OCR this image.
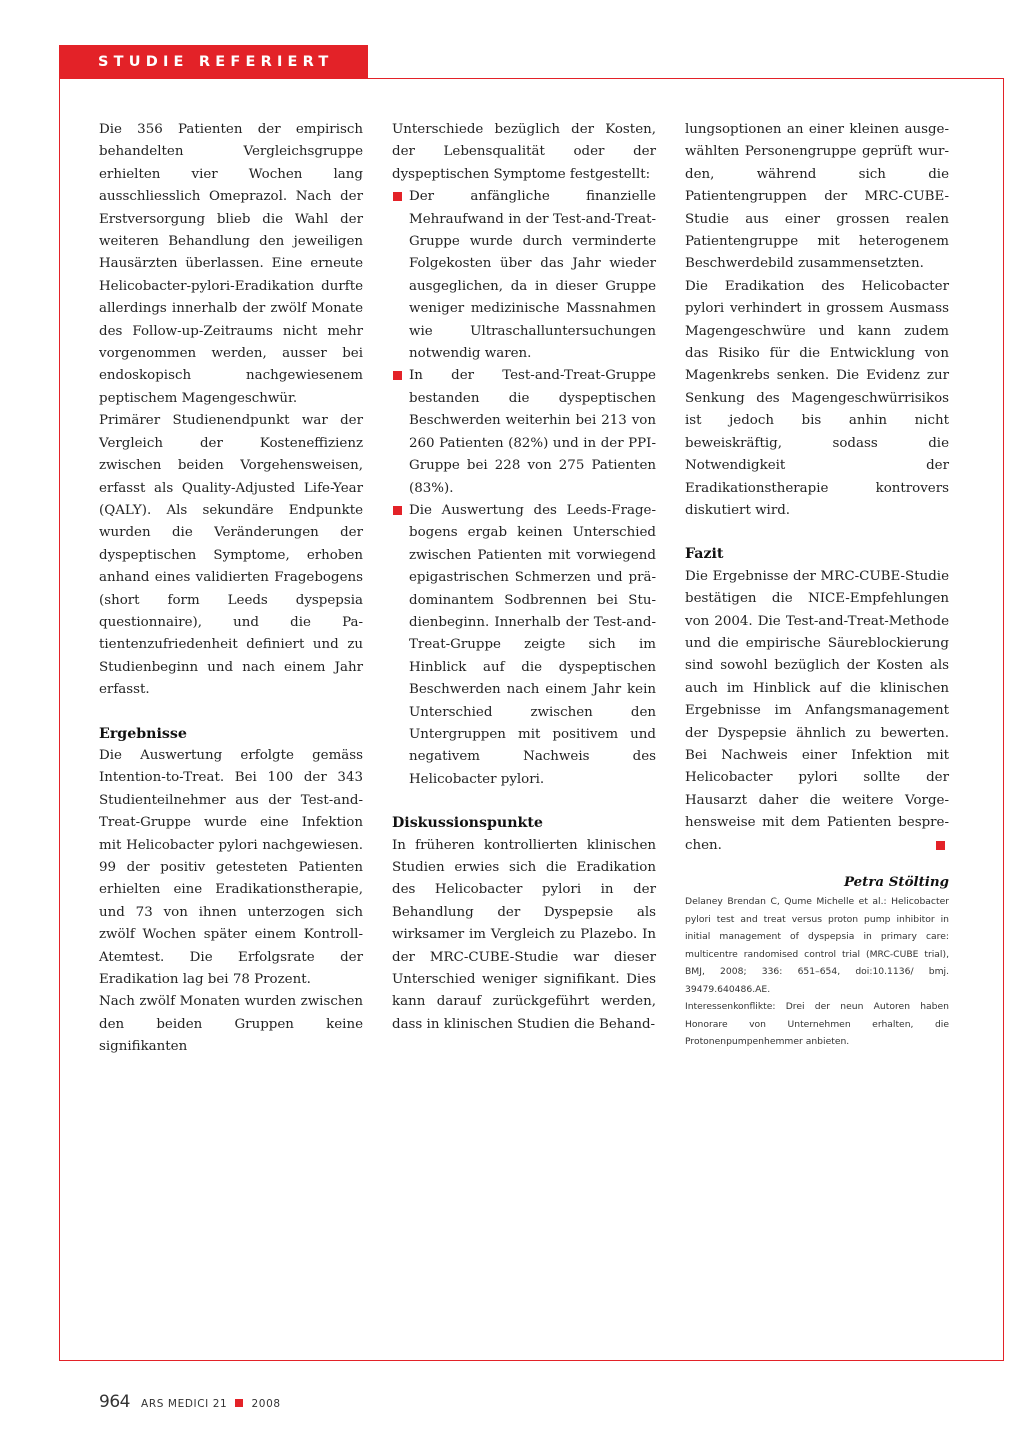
STUDIE REFERIERT

Die 356 Patienten der empirisch behandelten Vergleichsgruppe erhielten vier Wochen lang ausschliesslich Omeprazol. Nach der Erstversorgung blieb die Wahl der weiteren Behandlung den jeweiligen Hausärzten überlassen. Eine erneute Helicobacter-pylori-Eradikation durfte allerdings innerhalb der zwölf Monate des Follow-up-Zeitraums nicht mehr vorgenommen werden, ausser bei endoskopisch nachgewiesenem peptischem Magengeschwür.

Primärer Studienendpunkt war der Vergleich der Kosteneffizienz zwischen beiden Vorgehensweisen, erfasst als Quality-Adjusted Life-Year (QALY). Als sekundäre Endpunkte wurden die Veränderungen der dyspeptischen Symptome, erhoben anhand eines validierten Fragebogens (short form Leeds dyspepsia questionnaire), und die Patientenzufriedenheit definiert und zu Studienbeginn und nach einem Jahr erfasst.

Ergebnisse

Die Auswertung erfolgte gemäss Intention-to-Treat. Bei 100 der 343 Studienteilnehmer aus der Test-and-Treat-Gruppe wurde eine Infektion mit Helicobacter pylori nachgewiesen. 99 der positiv getesteten Patienten erhielten eine Eradikationstherapie, und 73 von ihnen unterzogen sich zwölf Wochen später einem Kontroll-Atemtest. Die Erfolgsrate der Eradikation lag bei 78 Prozent.

Nach zwölf Monaten wurden zwischen den beiden Gruppen keine signifikanten

Unterschiede bezüglich der Kosten, der Lebensqualität oder der dyspeptischen Symptome festgestellt:

Der anfängliche finanzielle Mehraufwand in der Test-and-Treat-Gruppe wurde durch verminderte Folgekosten über das Jahr wieder ausgeglichen, da in dieser Gruppe weniger medizinische Massnahmen wie Ultraschalluntersuchungen notwendig waren.
In der Test-and-Treat-Gruppe bestanden die dyspeptischen Beschwerden weiterhin bei 213 von 260 Patienten (82%) und in der PPI-Gruppe bei 228 von 275 Patienten (83%).
Die Auswertung des Leeds-Fragebogens ergab keinen Unterschied zwischen Patienten mit vorwiegend epigastrischen Schmerzen und prädominantem Sodbrennen bei Studienbeginn. Innerhalb der Test-and-Treat-Gruppe zeigte sich im Hinblick auf die dyspeptischen Beschwerden nach einem Jahr kein Unterschied zwischen den Untergruppen mit positivem und negativem Nachweis des Helicobacter pylori.
Diskussionspunkte

In früheren kontrollierten klinischen Studien erwies sich die Eradikation des Helicobacter pylori in der Behandlung der Dyspepsie als wirksamer im Vergleich zu Plazebo. In der MRC-CUBE-Studie war dieser Unterschied weniger signifikant. Dies kann darauf zurückgeführt werden, dass in klinischen Studien die Behand-

lungsoptionen an einer kleinen ausgewählten Personengruppe geprüft wurden, während sich die Patientengruppen der MRC-CUBE-Studie aus einer grossen realen Patientengruppe mit heterogenem Beschwerdebild zusammensetzten.

Die Eradikation des Helicobacter pylori verhindert in grossem Ausmass Magengeschwüre und kann zudem das Risiko für die Entwicklung von Magenkrebs senken. Die Evidenz zur Senkung des Magengeschwürrisikos ist jedoch bis anhin nicht beweiskräftig, sodass die Notwendigkeit der Eradikationstherapie kontrovers diskutiert wird.

Fazit

Die Ergebnisse der MRC-CUBE-Studie bestätigen die NICE-Empfehlungen von 2004. Die Test-and-Treat-Methode und die empirische Säureblockierung sind sowohl bezüglich der Kosten als auch im Hinblick auf die klinischen Ergebnisse im Anfangsmanagement der Dyspepsie ähnlich zu bewerten. Bei Nachweis einer Infektion mit Helicobacter pylori sollte der Hausarzt daher die weitere Vorgehensweise mit dem Patienten besprechen.

Petra Stölting

Delaney Brendan C, Qume Michelle et al.: Helicobacter pylori test and treat versus proton pump inhibitor in initial management of dyspepsia in primary care: multicentre randomised control trial (MRC-CUBE trial), BMJ, 2008; 336: 651–654, doi:10.1136/ bmj. 39479.640486.AE.

Interessenkonflikte: Drei der neun Autoren haben Honorare von Unternehmen erhalten, die Protonenpumpenhemmer anbieten.

964 ARS MEDICI 21 2008
